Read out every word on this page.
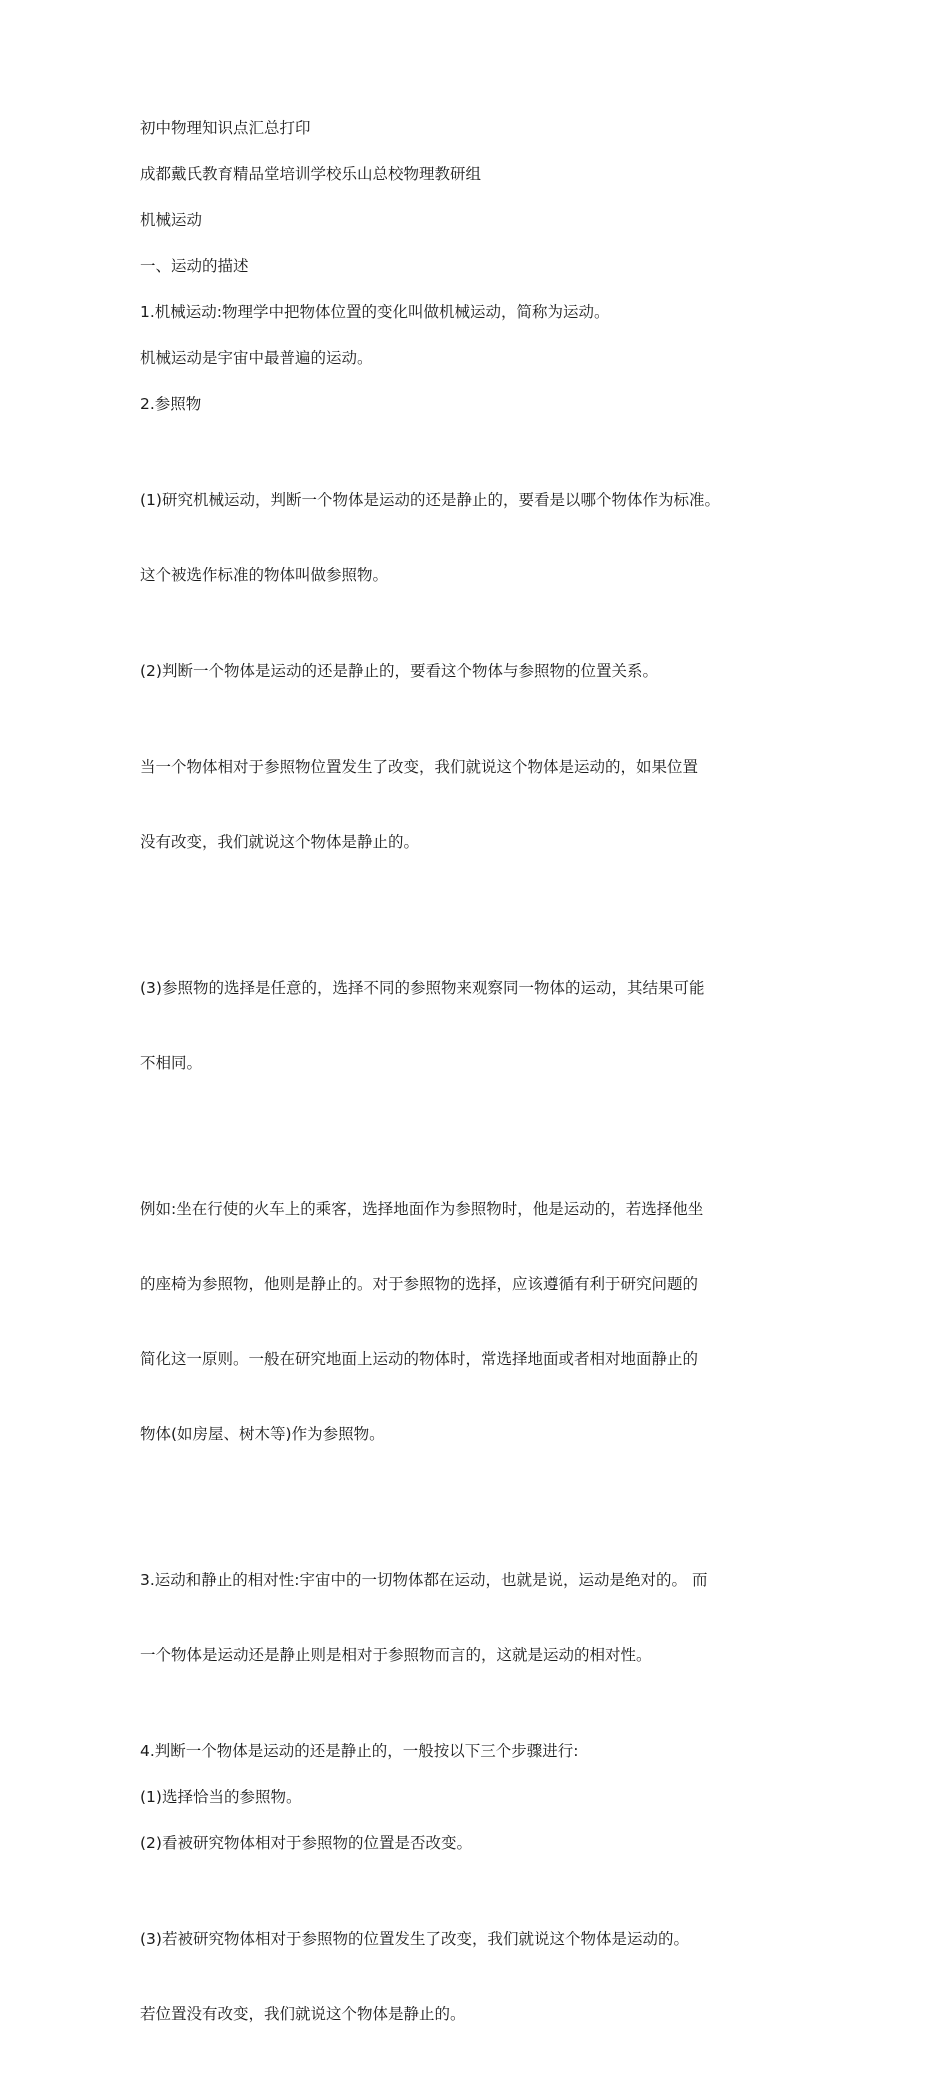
初中物理知识点汇总打印

成都戴氏教育精品堂培训学校乐山总校物理教研组

机械运动

一、运动的描述

1.机械运动:物理学中把物体位置的变化叫做机械运动，简称为运动。

机械运动是宇宙中最普遍的运动。

2.参照物

(1)研究机械运动，判断一个物体是运动的还是静止的，要看是以哪个物体作为标准。

这个被选作标准的物体叫做参照物。

(2)判断一个物体是运动的还是静止的，要看这个物体与参照物的位置关系。

当一个物体相对于参照物位置发生了改变，我们就说这个物体是运动的，如果位置

没有改变，我们就说这个物体是静止的。

(3)参照物的选择是任意的，选择不同的参照物来观察同一物体的运动，其结果可能

不相同。

例如:坐在行使的火车上的乘客，选择地面作为参照物时，他是运动的，若选择他坐

的座椅为参照物，他则是静止的。对于参照物的选择，应该遵循有利于研究问题的

简化这一原则。一般在研究地面上运动的物体时，常选择地面或者相对地面静止的

物体(如房屋、树木等)作为参照物。

3.运动和静止的相对性:宇宙中的一切物体都在运动，也就是说，运动是绝对的。 而

一个物体是运动还是静止则是相对于参照物而言的，这就是运动的相对性。

4.判断一个物体是运动的还是静止的，一般按以下三个步骤进行:

(1)选择恰当的参照物。

(2)看被研究物体相对于参照物的位置是否改变。

(3)若被研究物体相对于参照物的位置发生了改变，我们就说这个物体是运动的。

若位置没有改变，我们就说这个物体是静止的。
